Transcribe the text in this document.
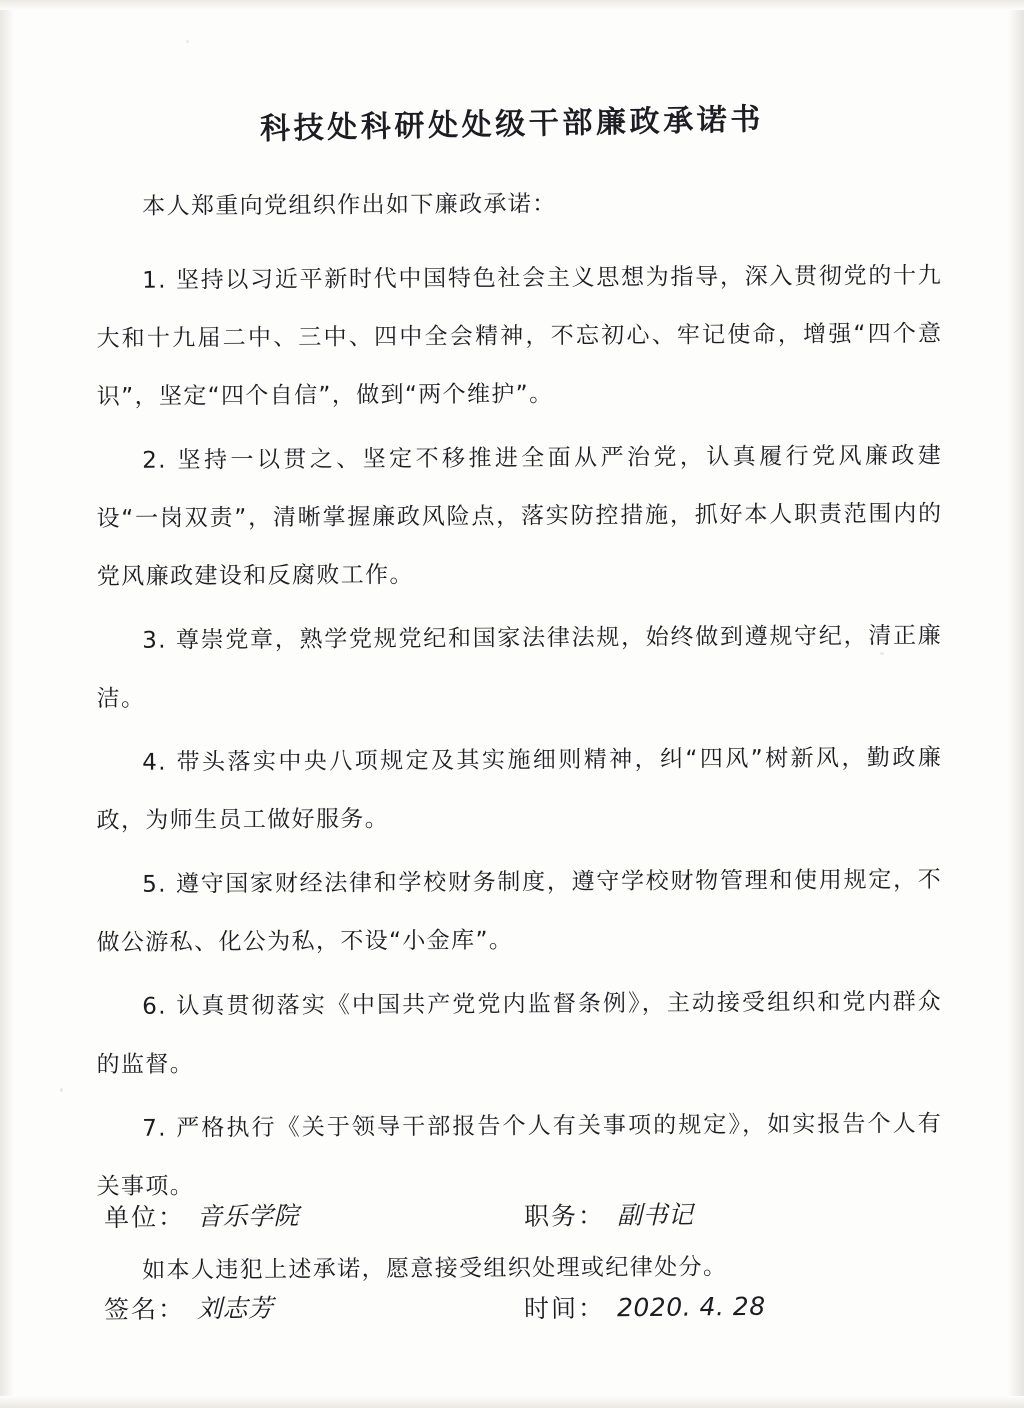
科技处科研处处级干部廉政承诺书

本人郑重向党组织作出如下廉政承诺：

1. 坚持以习近平新时代中国特色社会主义思想为指导，深入贯彻党的十九大和十九届二中、三中、四中全会精神，不忘初心、牢记使命，增强“四个意识”，坚定“四个自信”，做到“两个维护”。

2. 坚持一以贯之、坚定不移推进全面从严治党，认真履行党风廉政建设“一岗双责”，清晰掌握廉政风险点，落实防控措施，抓好本人职责范围内的党风廉政建设和反腐败工作。

3. 尊崇党章，熟学党规党纪和国家法律法规，始终做到遵规守纪，清正廉洁。

4. 带头落实中央八项规定及其实施细则精神，纠“四风”树新风，勤政廉政，为师生员工做好服务。

5. 遵守国家财经法律和学校财务制度，遵守学校财物管理和使用规定，不做公游私、化公为私，不设“小金库”。

6. 认真贯彻落实《中国共产党党内监督条例》，主动接受组织和党内群众的监督。

7. 严格执行《关于领导干部报告个人有关事项的规定》，如实报告个人有关事项。

如本人违犯上述承诺，愿意接受组织处理或纪律处分。

单位： 音乐学院	职务： 副书记
签名： 刘志芳	时间： 2020. 4. 28
